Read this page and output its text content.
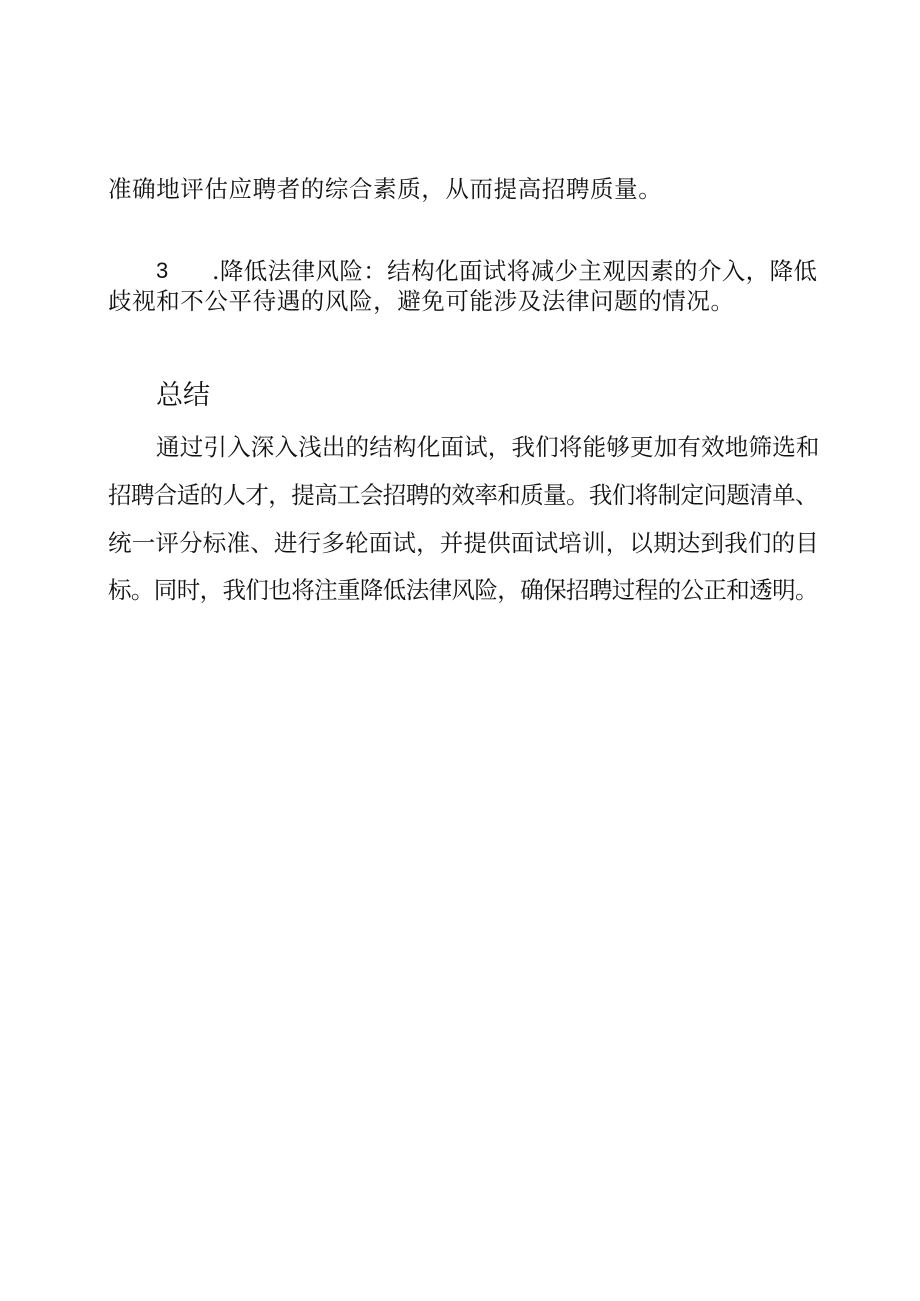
准确地评估应聘者的综合素质，从而提高招聘质量。
3 .降低法律风险：结构化面试将减少主观因素的介入，降低
歧视和不公平待遇的风险，避免可能涉及法律问题的情况。
总结
通过引入深入浅出的结构化面试，我们将能够更加有效地筛选和
招聘合适的人才，提高工会招聘的效率和质量。我们将制定问题清单、
统一评分标准、进行多轮面试，并提供面试培训，以期达到我们的目
标。同时，我们也将注重降低法律风险，确保招聘过程的公正和透明。
